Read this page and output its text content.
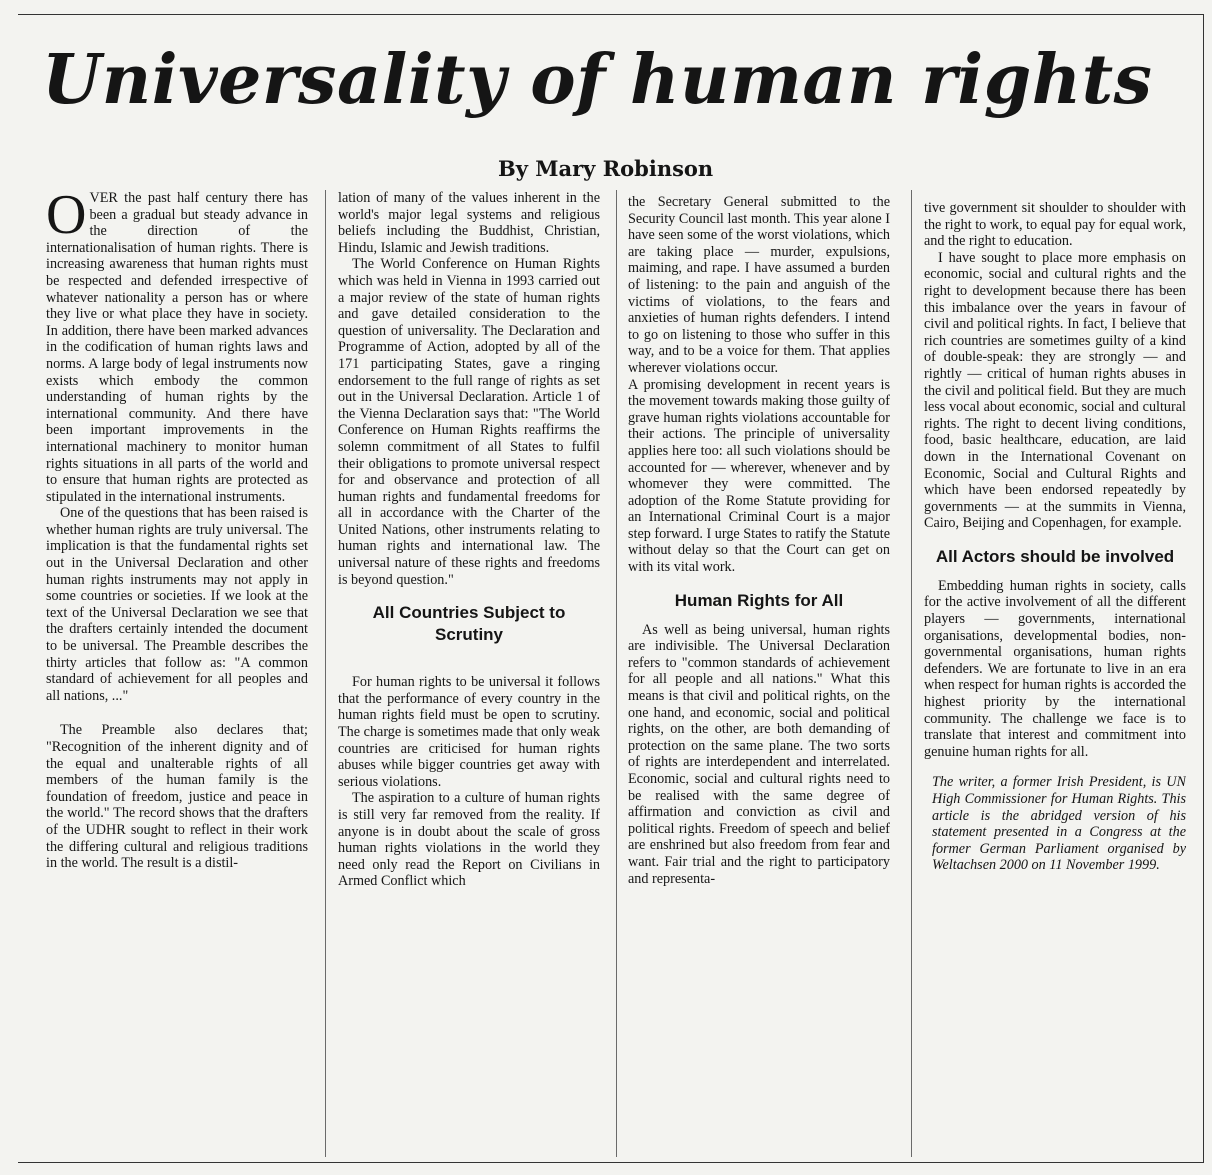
Universality of human rights
By Mary Robinson

OVER the past half century there has been a gradual but steady advance in the direction of the internationalisation of human rights. There is increasing awareness that human rights must be respected and defended irrespective of whatever nationality a person has or where they live or what place they have in society. In addition, there have been marked advances in the codification of human rights laws and norms. A large body of legal instruments now exists which embody the common understanding of human rights by the international community. And there have been important improvements in the international machinery to monitor human rights situations in all parts of the world and to ensure that human rights are protected as stipulated in the international instruments.

One of the questions that has been raised is whether human rights are truly universal. The implication is that the fundamental rights set out in the Universal Declaration and other human rights instruments may not apply in some countries or societies. If we look at the text of the Universal Declaration we see that the drafters certainly intended the document to be universal. The Preamble describes the thirty articles that follow as: "A common standard of achievement for all peoples and all nations, ..."

The Preamble also declares that; "Recognition of the inherent dignity and of the equal and unalterable rights of all members of the human family is the foundation of freedom, justice and peace in the world." The record shows that the drafters of the UDHR sought to reflect in their work the differing cultural and religious traditions in the world. The result is a distil-

lation of many of the values inherent in the world's major legal systems and religious beliefs including the Buddhist, Christian, Hindu, Islamic and Jewish traditions.

The World Conference on Human Rights which was held in Vienna in 1993 carried out a major review of the state of human rights and gave detailed consideration to the question of universality. The Declaration and Programme of Action, adopted by all of the 171 participating States, gave a ringing endorsement to the full range of rights as set out in the Universal Declaration. Article 1 of the Vienna Declaration says that: "The World Conference on Human Rights reaffirms the solemn commitment of all States to fulfil their obligations to promote universal respect for and observance and protection of all human rights and fundamental freedoms for all in accordance with the Charter of the United Nations, other instruments relating to human rights and international law. The universal nature of these rights and freedoms is beyond question."

All Countries Subject to Scrutiny

For human rights to be universal it follows that the performance of every country in the human rights field must be open to scrutiny. The charge is sometimes made that only weak countries are criticised for human rights abuses while bigger countries get away with serious violations.

The aspiration to a culture of human rights is still very far removed from the reality. If anyone is in doubt about the scale of gross human rights violations in the world they need only read the Report on Civilians in Armed Conflict which

the Secretary General submitted to the Security Council last month. This year alone I have seen some of the worst violations, which are taking place — murder, expulsions, maiming, and rape. I have assumed a burden of listening: to the pain and anguish of the victims of violations, to the fears and anxieties of human rights defenders. I intend to go on listening to those who suffer in this way, and to be a voice for them. That applies wherever violations occur.

A promising development in recent years is the movement towards making those guilty of grave human rights violations accountable for their actions. The principle of universality applies here too: all such violations should be accounted for — wherever, whenever and by whomever they were committed. The adoption of the Rome Statute providing for an International Criminal Court is a major step forward. I urge States to ratify the Statute without delay so that the Court can get on with its vital work.

Human Rights for All

As well as being universal, human rights are indivisible. The Universal Declaration refers to "common standards of achievement for all people and all nations." What this means is that civil and political rights, on the one hand, and economic, social and political rights, on the other, are both demanding of protection on the same plane. The two sorts of rights are interdependent and interrelated. Economic, social and cultural rights need to be realised with the same degree of affirmation and conviction as civil and political rights. Freedom of speech and belief are enshrined but also freedom from fear and want. Fair trial and the right to participatory and representa-

tive government sit shoulder to shoulder with the right to work, to equal pay for equal work, and the right to education.

I have sought to place more emphasis on economic, social and cultural rights and the right to development because there has been this imbalance over the years in favour of civil and political rights. In fact, I believe that rich countries are sometimes guilty of a kind of double-speak: they are strongly — and rightly — critical of human rights abuses in the civil and political field. But they are much less vocal about economic, social and cultural rights. The right to decent living conditions, food, basic healthcare, education, are laid down in the International Covenant on Economic, Social and Cultural Rights and which have been endorsed repeatedly by governments — at the summits in Vienna, Cairo, Beijing and Copenhagen, for example.

All Actors should be involved

Embedding human rights in society, calls for the active involvement of all the different players — governments, international organisations, developmental bodies, non-governmental organisations, human rights defenders. We are fortunate to live in an era when respect for human rights is accorded the highest priority by the international community. The challenge we face is to translate that interest and commitment into genuine human rights for all.

The writer, a former Irish President, is UN High Commissioner for Human Rights. This article is the abridged version of his statement presented in a Congress at the former German Parliament organised by Weltachsen 2000 on 11 November 1999.
